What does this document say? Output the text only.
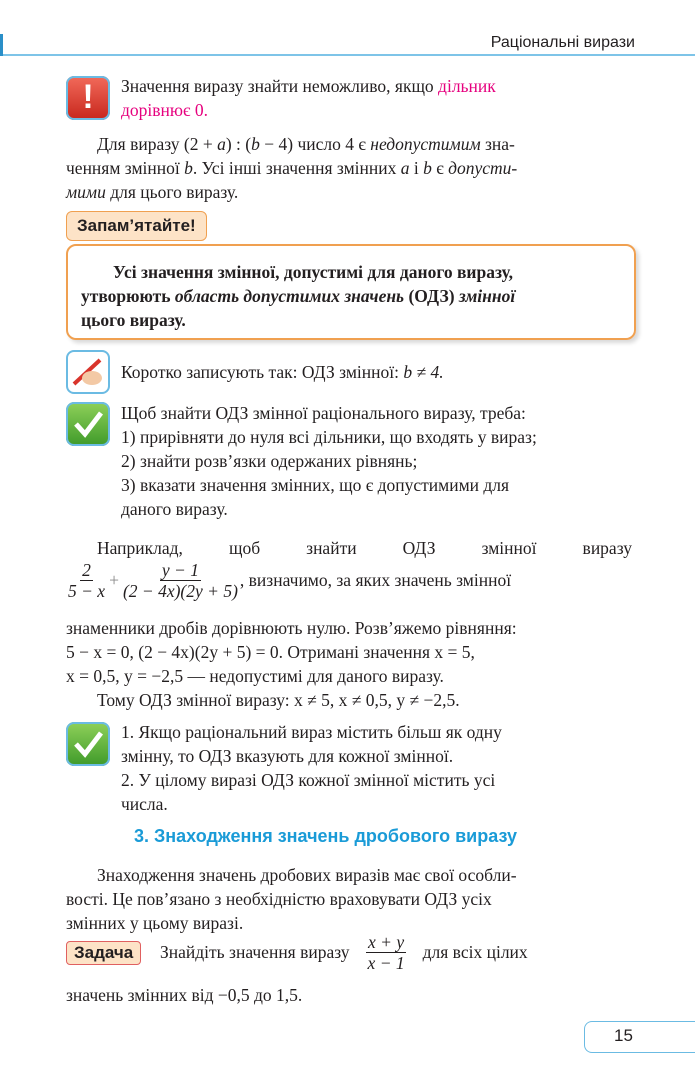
Раціональні вирази
!	Значення виразу знайти неможливо, якщо дільник
дорівнює 0.
Для виразу (2 + a) : (b − 4) число 4 є недопустимим зна-
ченням змінної b. Усі інші значення змінних a і b є допусти-
мими для цього виразу.
Запам’ятайте!
Усі значення змінної, допустимі для даного виразу,
утворюють область допустимих значень (ОДЗ) змінної
цього виразу.
Коротко записують так: ОДЗ змінної: b ≠ 4.
Щоб знайти ОДЗ змінної раціонального виразу, треба:
1) прирівняти до нуля всі дільники, що входять у вираз;
2) знайти розв’язки одержаних рівнянь;
3) вказати значення змінних, що є допустимими для
даного виразу.
Наприклад, щоб знайти ОДЗ змінної виразу
$\frac{2}{5 - x} + \frac{y - 1}{(2 - 4x)(2y + 5)}$ , визначимо, за яких значень змінної
знаменники дробів дорівнюють нулю. Розв’яжемо рівняння:
5 − x = 0, (2 − 4x)(2y + 5) = 0. Отримані значення x = 5,
x = 0,5, y = −2,5 — недопустимі для даного виразу.
Тому ОДЗ змінної виразу: x ≠ 5, x ≠ 0,5, y ≠ −2,5.
1. Якщо раціональний вираз містить більш як одну
змінну, то ОДЗ вказують для кожної змінної.
2. У цілому виразі ОДЗ кожної змінної містить усі
числа.
3. Знаходження значень дробового виразу
Знаходження значень дробових виразів має свої особли-
вості. Це пов’язано з необхідністю враховувати ОДЗ усіх
змінних у цьому виразі.
Задача	Знайдіть значення виразу $\frac{x + y}{x - 1}$ для всіх цілих
значень змінних від −0,5 до 1,5.
15
